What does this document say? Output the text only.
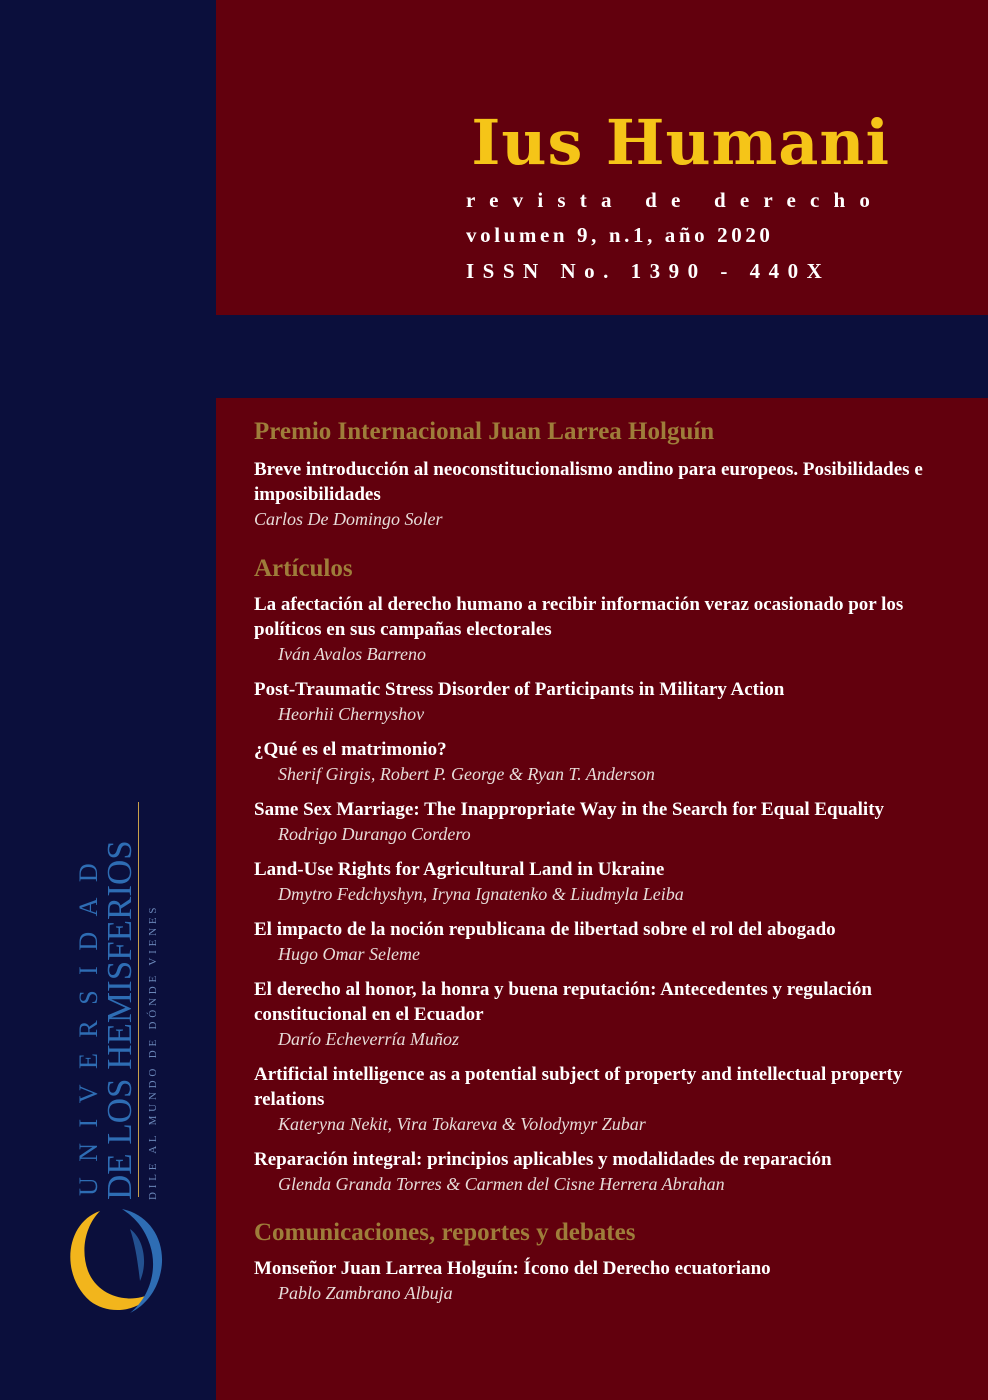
Ius Humani
revista de derecho
volumen 9, n.1, año 2020
ISSN No. 1390 - 440X
Premio Internacional Juan Larrea Holguín

Breve introducción al neoconstitucionalismo andino para europeos. Posibilidades e imposibilidades

Carlos De Domingo Soler

Artículos

La afectación al derecho humano a recibir información veraz ocasionado por los políticos en sus campañas electorales

Iván Avalos Barreno

Post-Traumatic Stress Disorder of Participants in Military Action

Heorhii Chernyshov

¿Qué es el matrimonio?

Sherif Girgis, Robert P. George & Ryan T. Anderson

Same Sex Marriage: The Inappropriate Way in the Search for Equal Equality

Rodrigo Durango Cordero

Land-Use Rights for Agricultural Land in Ukraine

Dmytro Fedchyshyn, Iryna Ignatenko & Liudmyla Leiba

El impacto de la noción republicana de libertad sobre el rol del abogado

Hugo Omar Seleme

El derecho al honor, la honra y buena reputación: Antecedentes y regulación constitucional en el Ecuador

Darío Echeverría Muñoz

Artificial intelligence as a potential subject of property and intellectual property relations

Kateryna Nekit, Vira Tokareva & Volodymyr Zubar

Reparación integral: principios aplicables y modalidades de reparación

Glenda Granda Torres & Carmen del Cisne Herrera Abrahan

Comunicaciones, reportes y debates

Monseñor Juan Larrea Holguín: Ícono del Derecho ecuatoriano

Pablo Zambrano Albuja

UNIVERSIDAD
DE LOS HEMISFERIOS DILE AL MUNDO DE DÓNDE VIENES
